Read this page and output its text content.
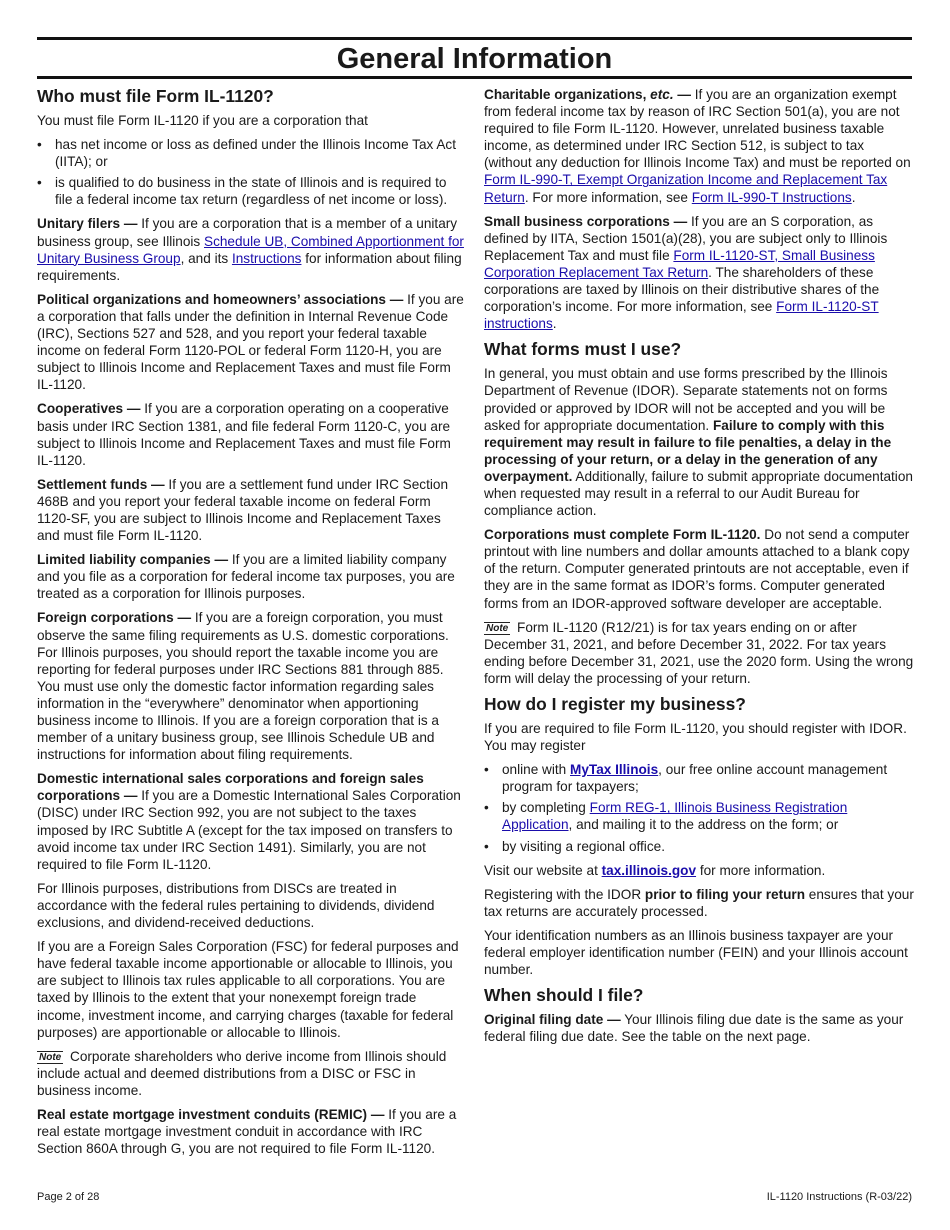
General Information
Who must file Form IL-1120?

You must file Form IL-1120 if you are a corporation that

• has net income or loss as defined under the Illinois Income Tax Act (IITA); or
• is qualified to do business in the state of Illinois and is required to file a federal income tax return (regardless of net income or loss).

Unitary filers — If you are a corporation that is a member of a unitary business group, see Illinois Schedule UB, Combined Apportionment for Unitary Business Group, and its Instructions for information about filing requirements.

Political organizations and homeowners’ associations — If you are a corporation that falls under the definition in Internal Revenue Code (IRC), Sections 527 and 528, and you report your federal taxable income on federal Form 1120-POL or federal Form 1120-H, you are subject to Illinois Income and Replacement Taxes and must file Form IL-1120.

Cooperatives — If you are a corporation operating on a cooperative basis under IRC Section 1381, and file federal Form 1120-C, you are subject to Illinois Income and Replacement Taxes and must file Form IL-1120.

Settlement funds — If you are a settlement fund under IRC Section 468B and you report your federal taxable income on federal Form 1120-SF, you are subject to Illinois Income and Replacement Taxes and must file Form IL-1120.

Limited liability companies — If you are a limited liability company and you file as a corporation for federal income tax purposes, you are treated as a corporation for Illinois purposes.

Foreign corporations — If you are a foreign corporation, you must observe the same filing requirements as U.S. domestic corporations. For Illinois purposes, you should report the taxable income you are reporting for federal purposes under IRC Sections 881 through 885. You must use only the domestic factor information regarding sales information in the “everywhere” denominator when apportioning business income to Illinois. If you are a foreign corporation that is a member of a unitary business group, see Illinois Schedule UB and instructions for information about filing requirements.

Domestic international sales corporations and foreign sales corporations — If you are a Domestic International Sales Corporation (DISC) under IRC Section 992, you are not subject to the taxes imposed by IRC Subtitle A (except for the tax imposed on transfers to avoid income tax under IRC Section 1491). Similarly, you are not required to file Form IL-1120.

For Illinois purposes, distributions from DISCs are treated in accordance with the federal rules pertaining to dividends, dividend exclusions, and dividend-received deductions.

If you are a Foreign Sales Corporation (FSC) for federal purposes and have federal taxable income apportionable or allocable to Illinois, you are subject to Illinois tax rules applicable to all corporations. You are taxed by Illinois to the extent that your nonexempt foreign trade income, investment income, and carrying charges (taxable for federal purposes) are apportionable or allocable to Illinois.

Note Corporate shareholders who derive income from Illinois should include actual and deemed distributions from a DISC or FSC in business income.

Real estate mortgage investment conduits (REMIC) — If you are a real estate mortgage investment conduit in accordance with IRC Section 860A through G, you are not required to file Form IL-1120.

Charitable organizations, etc. — If you are an organization exempt from federal income tax by reason of IRC Section 501(a), you are not required to file Form IL-1120. However, unrelated business taxable income, as determined under IRC Section 512, is subject to tax (without any deduction for Illinois Income Tax) and must be reported on Form IL-990-T, Exempt Organization Income and Replacement Tax Return. For more information, see Form IL-990-T Instructions.

Small business corporations — If you are an S corporation, as defined by IITA, Section 1501(a)(28), you are subject only to Illinois Replacement Tax and must file Form IL-1120-ST, Small Business Corporation Replacement Tax Return. The shareholders of these corporations are taxed by Illinois on their distributive shares of the corporation’s income. For more information, see Form IL-1120-ST instructions.

What forms must I use?

In general, you must obtain and use forms prescribed by the Illinois Department of Revenue (IDOR). Separate statements not on forms provided or approved by IDOR will not be accepted and you will be asked for appropriate documentation. Failure to comply with this requirement may result in failure to file penalties, a delay in the processing of your return, or a delay in the generation of any overpayment. Additionally, failure to submit appropriate documentation when requested may result in a referral to our Audit Bureau for compliance action.

Corporations must complete Form IL-1120. Do not send a computer printout with line numbers and dollar amounts attached to a blank copy of the return. Computer generated printouts are not acceptable, even if they are in the same format as IDOR’s forms. Computer generated forms from an IDOR-approved software developer are acceptable.

Note Form IL-1120 (R12/21) is for tax years ending on or after December 31, 2021, and before December 31, 2022. For tax years ending before December 31, 2021, use the 2020 form. Using the wrong form will delay the processing of your return.

How do I register my business?

If you are required to file Form IL-1120, you should register with IDOR. You may register

• online with MyTax Illinois, our free online account management program for taxpayers;
• by completing Form REG-1, Illinois Business Registration Application, and mailing it to the address on the form; or
• by visiting a regional office.

Visit our website at tax.illinois.gov for more information.

Registering with the IDOR prior to filing your return ensures that your tax returns are accurately processed.

Your identification numbers as an Illinois business taxpayer are your federal employer identification number (FEIN) and your Illinois account number.

When should I file?

Original filing date — Your Illinois filing due date is the same as your federal filing due date. See the table on the next page.

Page 2 of 28	IL-1120 Instructions (R-03/22)
